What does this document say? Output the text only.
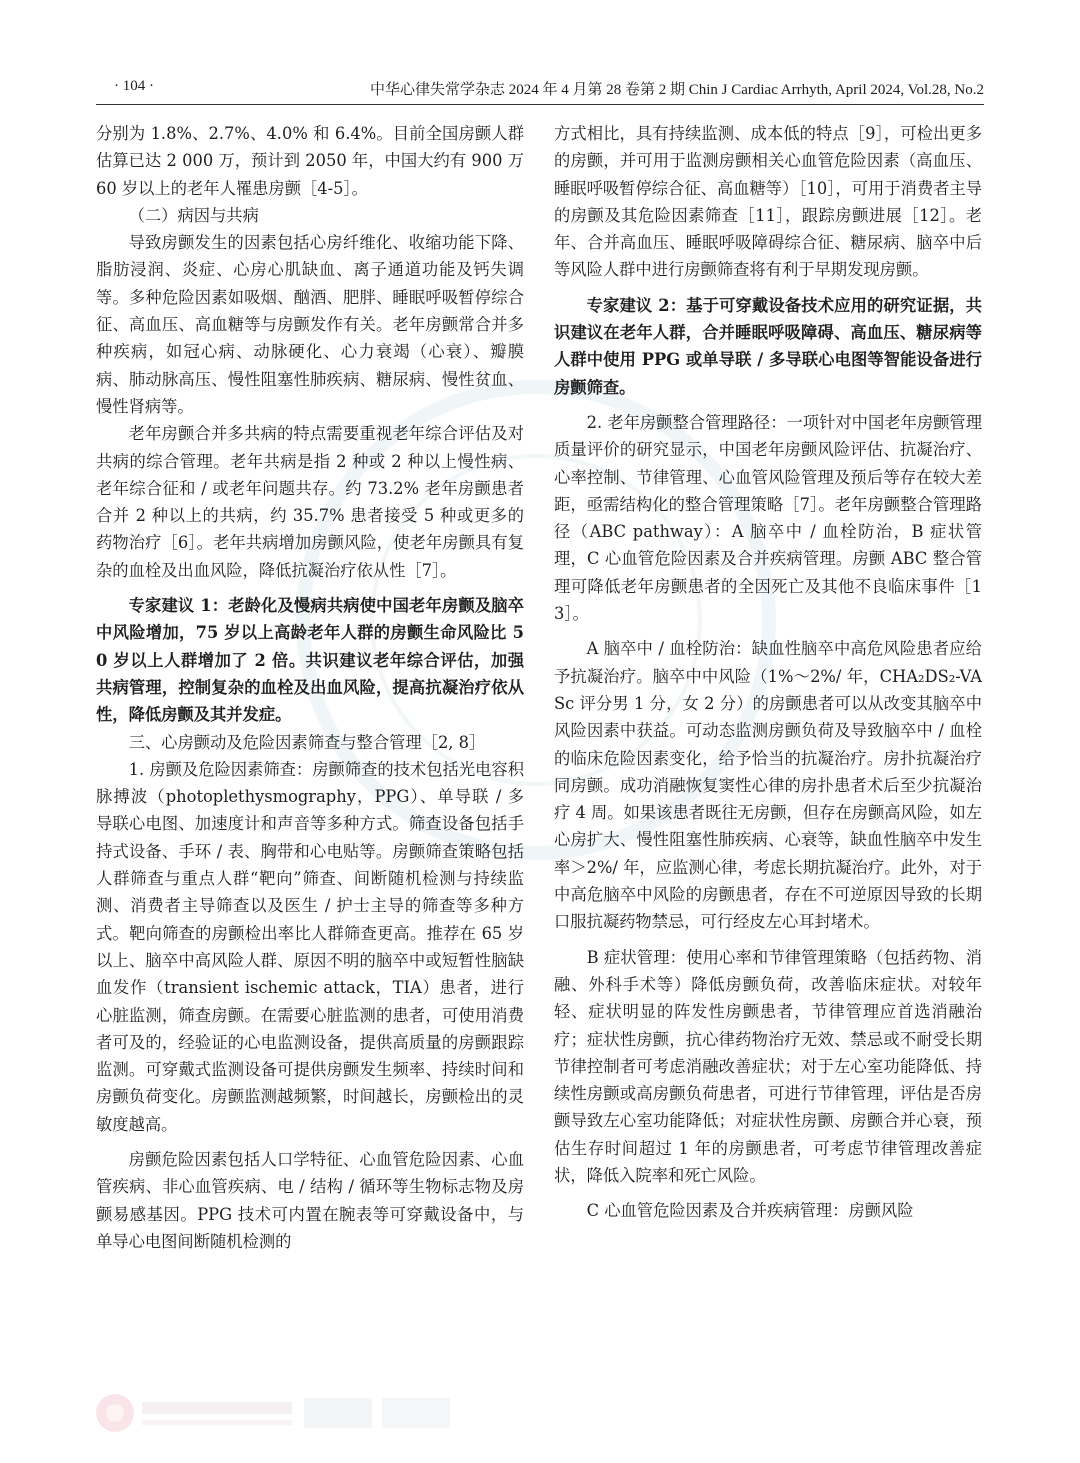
· 104 ·	中华心律失常学杂志 2024 年 4 月第 28 卷第 2 期 Chin J Cardiac Arrhyth, April 2024, Vol.28, No.2

分别为 1.8%、2.7%、4.0% 和 6.4%。目前全国房颤人群估算已达 2 000 万，预计到 2050 年，中国大约有 900 万 60 岁以上的老年人罹患房颤［4-5］。

（二）病因与共病

导致房颤发生的因素包括心房纤维化、收缩功能下降、脂肪浸润、炎症、心房心肌缺血、离子通道功能及钙失调等。多种危险因素如吸烟、酗酒、肥胖、睡眠呼吸暂停综合征、高血压、高血糖等与房颤发作有关。老年房颤常合并多种疾病，如冠心病、动脉硬化、心力衰竭（心衰）、瓣膜病、肺动脉高压、慢性阻塞性肺疾病、糖尿病、慢性贫血、慢性肾病等。

老年房颤合并多共病的特点需要重视老年综合评估及对共病的综合管理。老年共病是指 2 种或 2 种以上慢性病、老年综合征和 / 或老年问题共存。约 73.2% 老年房颤患者合并 2 种以上的共病，约 35.7% 患者接受 5 种或更多的药物治疗［6］。老年共病增加房颤风险，使老年房颤具有复杂的血栓及出血风险，降低抗凝治疗依从性［7］。

专家建议 1：老龄化及慢病共病使中国老年房颤及脑卒中风险增加，75 岁以上高龄老年人群的房颤生命风险比 50 岁以上人群增加了 2 倍。共识建议老年综合评估，加强共病管理，控制复杂的血栓及出血风险，提高抗凝治疗依从性，降低房颤及其并发症。

三、心房颤动及危险因素筛查与整合管理［2, 8］

1. 房颤及危险因素筛查：房颤筛查的技术包括光电容积脉搏波（photoplethysmography，PPG）、单导联 / 多导联心电图、加速度计和声音等多种方式。筛查设备包括手持式设备、手环 / 表、胸带和心电贴等。房颤筛查策略包括人群筛查与重点人群“靶向”筛查、间断随机检测与持续监测、消费者主导筛查以及医生 / 护士主导的筛查等多种方式。靶向筛查的房颤检出率比人群筛查更高。推荐在 65 岁以上、脑卒中高风险人群、原因不明的脑卒中或短暂性脑缺血发作（transient ischemic attack，TIA）患者，进行心脏监测，筛查房颤。在需要心脏监测的患者，可使用消费者可及的，经验证的心电监测设备，提供高质量的房颤跟踪监测。可穿戴式监测设备可提供房颤发生频率、持续时间和房颤负荷变化。房颤监测越频繁，时间越长，房颤检出的灵敏度越高。

房颤危险因素包括人口学特征、心血管危险因素、心血管疾病、非心血管疾病、电 / 结构 / 循环等生物标志物及房颤易感基因。PPG 技术可内置在腕表等可穿戴设备中，与单导心电图间断随机检测的

方式相比，具有持续监测、成本低的特点［9］，可检出更多的房颤，并可用于监测房颤相关心血管危险因素（高血压、睡眠呼吸暂停综合征、高血糖等）［10］，可用于消费者主导的房颤及其危险因素筛查［11］，跟踪房颤进展［12］。老年、合并高血压、睡眠呼吸障碍综合征、糖尿病、脑卒中后等风险人群中进行房颤筛查将有利于早期发现房颤。

专家建议 2：基于可穿戴设备技术应用的研究证据，共识建议在老年人群，合并睡眠呼吸障碍、高血压、糖尿病等人群中使用 PPG 或单导联 / 多导联心电图等智能设备进行房颤筛查。

2. 老年房颤整合管理路径：一项针对中国老年房颤管理质量评价的研究显示，中国老年房颤风险评估、抗凝治疗、心率控制、节律管理、心血管风险管理及预后等存在较大差距，亟需结构化的整合管理策略［7］。老年房颤整合管理路径（ABC pathway）：A 脑卒中 / 血栓防治，B 症状管理，C 心血管危险因素及合并疾病管理。房颤 ABC 整合管理可降低老年房颤患者的全因死亡及其他不良临床事件［13］。

A 脑卒中 / 血栓防治：缺血性脑卒中高危风险患者应给予抗凝治疗。脑卒中中风险（1%～2%/ 年，CHA₂DS₂-VASc 评分男 1 分，女 2 分）的房颤患者可以从改变其脑卒中风险因素中获益。可动态监测房颤负荷及导致脑卒中 / 血栓的临床危险因素变化，给予恰当的抗凝治疗。房扑抗凝治疗同房颤。成功消融恢复窦性心律的房扑患者术后至少抗凝治疗 4 周。如果该患者既往无房颤，但存在房颤高风险，如左心房扩大、慢性阻塞性肺疾病、心衰等，缺血性脑卒中发生率＞2%/ 年，应监测心律，考虑长期抗凝治疗。此外，对于中高危脑卒中风险的房颤患者，存在不可逆原因导致的长期口服抗凝药物禁忌，可行经皮左心耳封堵术。

B 症状管理：使用心率和节律管理策略（包括药物、消融、外科手术等）降低房颤负荷，改善临床症状。对较年轻、症状明显的阵发性房颤患者，节律管理应首选消融治疗；症状性房颤，抗心律药物治疗无效、禁忌或不耐受长期节律控制者可考虑消融改善症状；对于左心室功能降低、持续性房颤或高房颤负荷患者，可进行节律管理，评估是否房颤导致左心室功能降低；对症状性房颤、房颤合并心衰，预估生存时间超过 1 年的房颤患者，可考虑节律管理改善症状，降低入院率和死亡风险。

C 心血管危险因素及合并疾病管理：房颤风险
